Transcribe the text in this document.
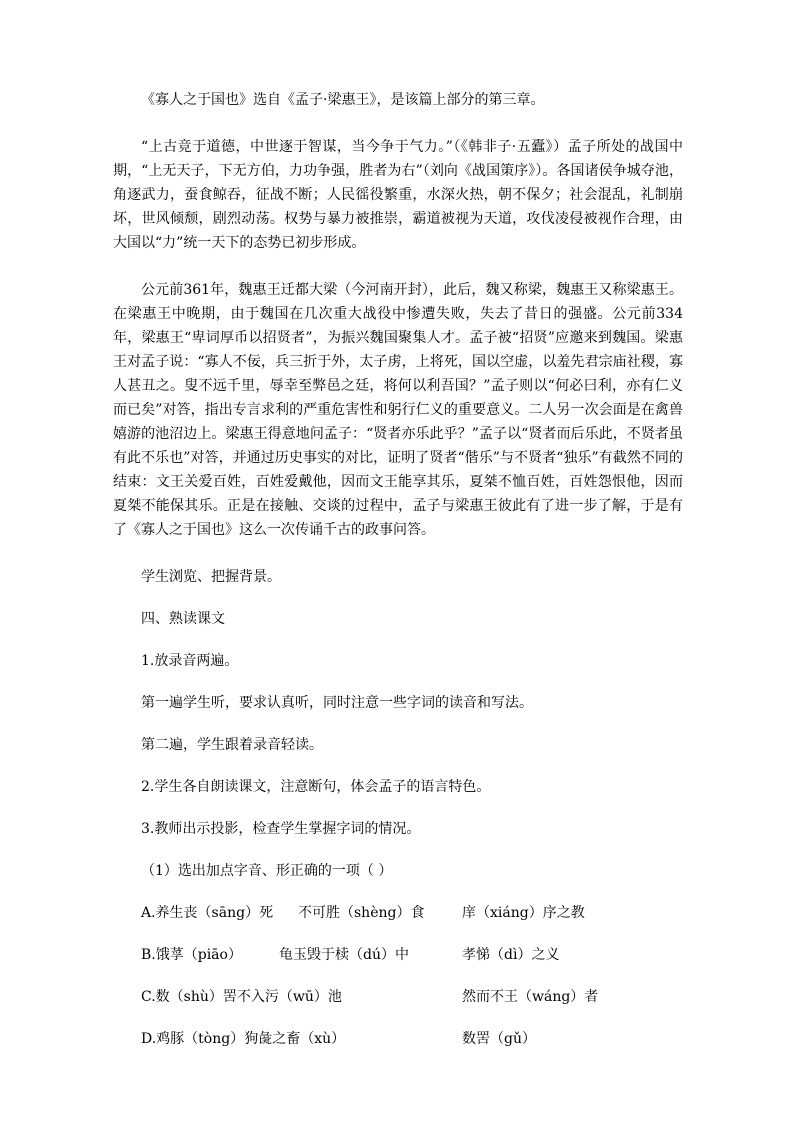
《寡人之于国也》选自《孟子·梁惠王》，是该篇上部分的第三章。

“上古竞于道德，中世逐于智谋，当今争于气力。”（《韩非子·五蠹》）孟子所处的战国中期，“上无天子，下无方伯，力功争强，胜者为右”（刘向《战国策序》）。各国诸侯争城夺池，角逐武力，蚕食鲸吞，征战不断；人民徭役繁重，水深火热，朝不保夕；社会混乱，礼制崩坏，世风倾颓，剧烈动荡。权势与暴力被推崇，霸道被视为天道，攻伐凌侵被视作合理，由大国以“力”统一天下的态势已初步形成。

公元前361年，魏惠王迁都大梁（今河南开封），此后，魏又称梁，魏惠王又称梁惠王。在梁惠王中晚期，由于魏国在几次重大战役中惨遭失败，失去了昔日的强盛。公元前334年，梁惠王“卑词厚币以招贤者”，为振兴魏国聚集人才。孟子被“招贤”应邀来到魏国。梁惠王对孟子说：“寡人不佞，兵三折于外，太子虏，上将死，国以空虚，以羞先君宗庙社稷，寡人甚丑之。叟不远千里，辱幸至弊邑之廷，将何以利吾国？”孟子则以“何必曰利，亦有仁义而已矣”对答，指出专言求利的严重危害性和躬行仁义的重要意义。二人另一次会面是在禽兽嬉游的池沼边上。梁惠王得意地问孟子：“贤者亦乐此乎？”孟子以“贤者而后乐此，不贤者虽有此不乐也”对答，并通过历史事实的对比，证明了贤者“偕乐”与不贤者“独乐”有截然不同的结束：文王关爱百姓，百姓爱戴他，因而文王能享其乐，夏桀不恤百姓，百姓怨恨他，因而夏桀不能保其乐。正是在接触、交谈的过程中，孟子与梁惠王彼此有了进一步了解，于是有了《寡人之于国也》这么一次传诵千古的政事问答。

学生浏览、把握背景。

四、熟读课文

1.放录音两遍。

第一遍学生听，要求认真听，同时注意一些字词的读音和写法。

第二遍，学生跟着录音轻读。

2.学生各自朗读课文，注意断句，体会孟子的语言特色。

3.教师出示投影，检查学生掌握字词的情况。

（1）选出加点字音、形正确的一项（ ）

A.养生丧（sāng）死 不可胜（shèng）食	庠（xiáng）序之教
B.饿莩（piāo）	龟玉毁于椟（dú）中	孝悌（dì）之义
C.数（shù）罟不入污（wū）池	然而不王（wáng）者
D.鸡豚（tòng）狗彘之畜（xù）	数罟（gǔ）
